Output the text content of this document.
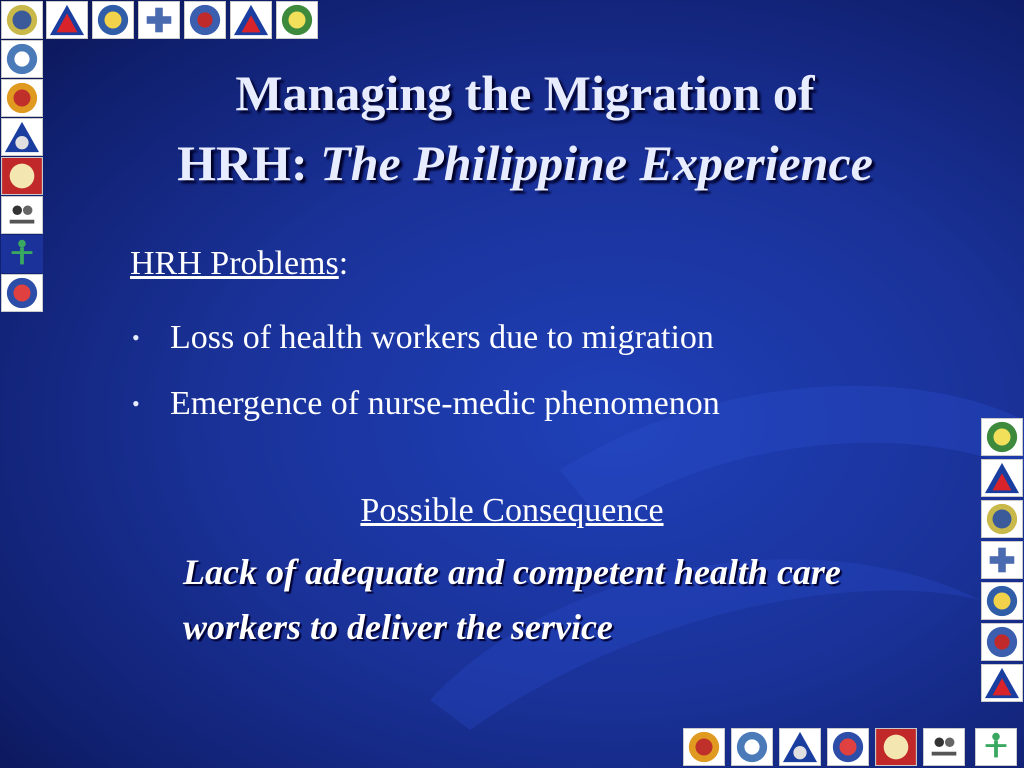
Managing the Migration of
HRH: The Philippine Experience
HRH Problems:
• Loss of health workers due to migration
• Emergence of nurse-medic phenomenon
Possible Consequence
Lack of adequate and competent health care workers to deliver the service
